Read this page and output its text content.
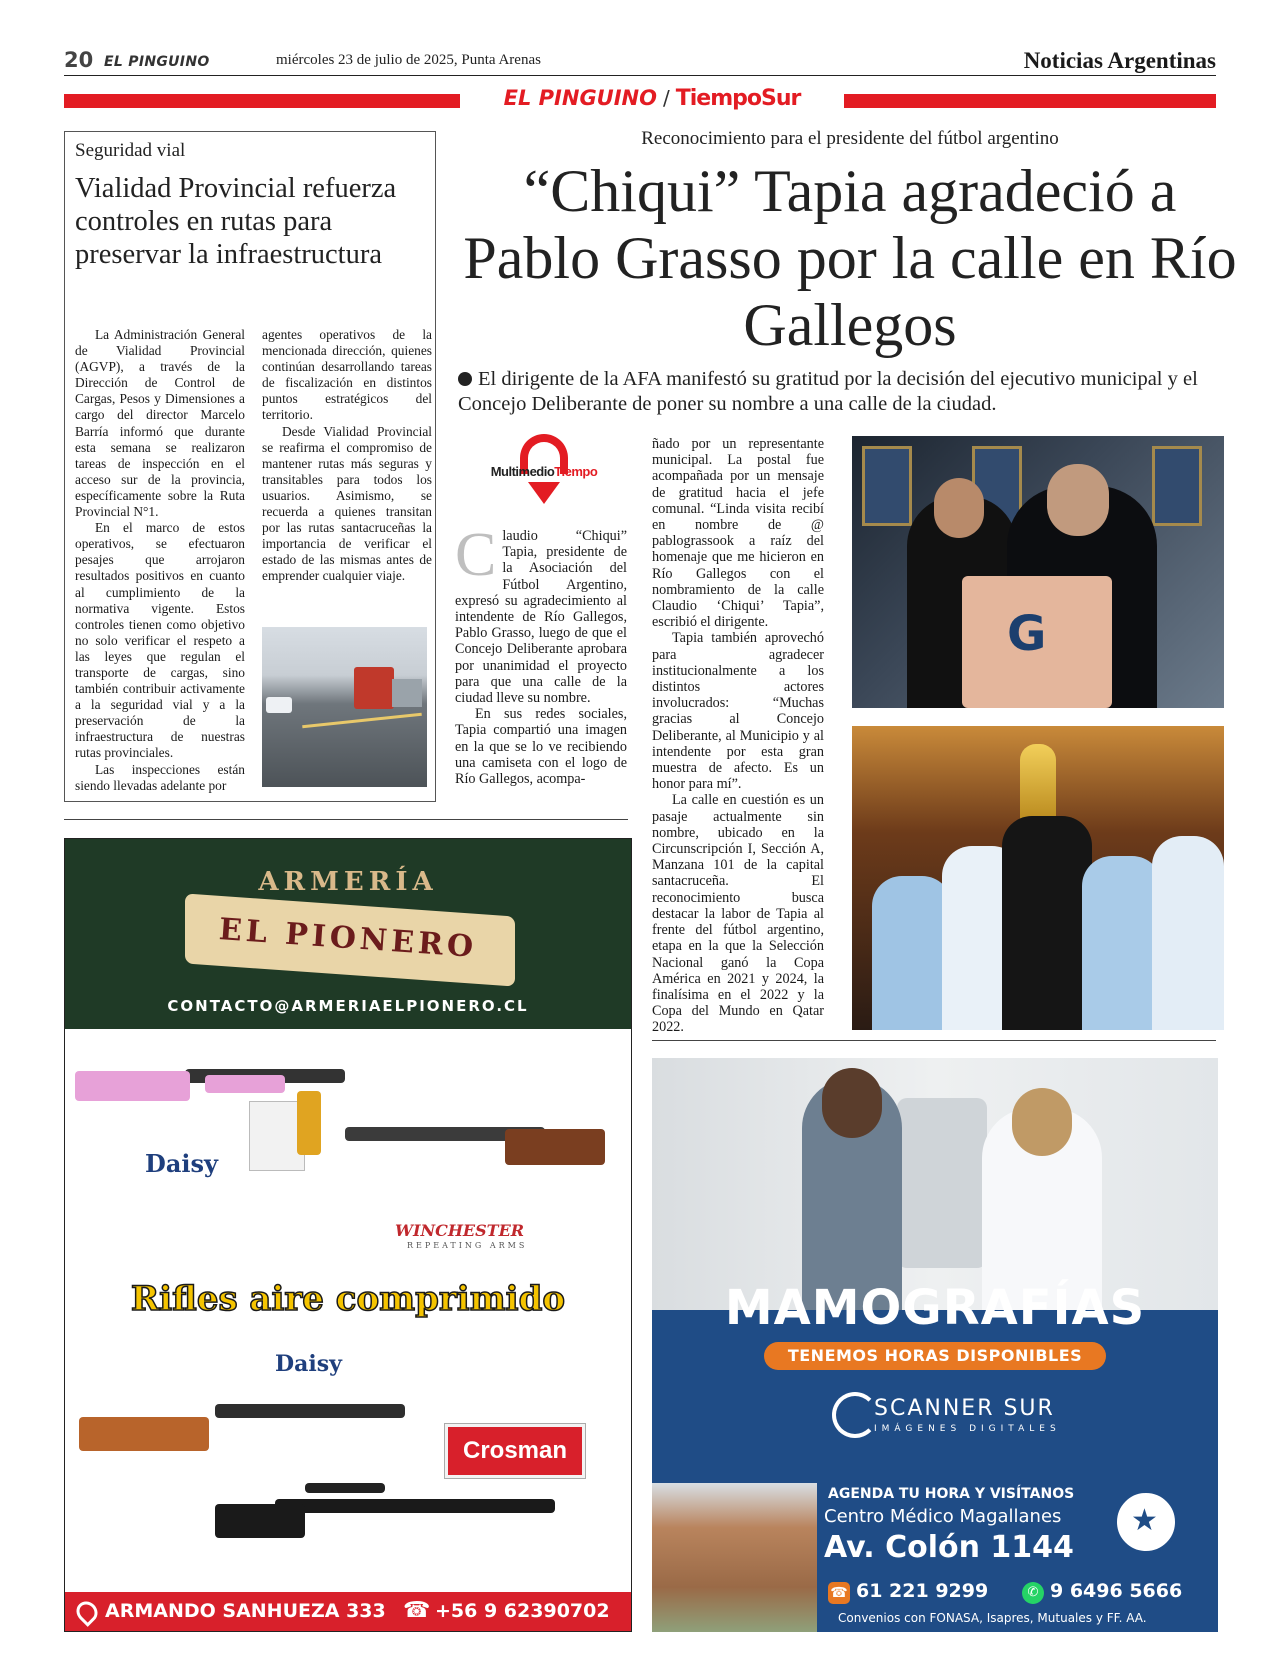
20 EL PINGUINO	miércoles 23 de julio de 2025, Punta Arenas	Noticias Argentinas
EL PINGUINO / TiempoSur
Seguridad vial
Vialidad Provincial refuerza controles en rutas para preservar la infraestructura

La Administración General de Vialidad Provincial (AGVP), a través de la Dirección de Control de Cargas, Pesos y Dimensiones a cargo del director Marcelo Barría informó que durante esta semana se realizaron tareas de inspección en el acceso sur de la provincia, específicamente sobre la Ruta Provincial N°1.

En el marco de estos operativos, se efectuaron pesajes que arrojaron resultados positivos en cuanto al cumplimiento de la normativa vigente. Estos controles tienen como objetivo no solo verificar el respeto a las leyes que regulan el transporte de cargas, sino también contribuir activamente a la seguridad vial y a la preservación de la infraestructura de nuestras rutas provinciales.

Las inspecciones están siendo llevadas adelante por

agentes operativos de la mencionada dirección, quienes continúan desarrollando tareas de fiscalización en distintos puntos estratégicos del territorio.

Desde Vialidad Provincial se reafirma el compromiso de mantener rutas más seguras y transitables para todos los usuarios. Asimismo, se recuerda a quienes transitan por las rutas santacruceñas la importancia de verificar el estado de las mismas antes de emprender cualquier viaje.

Reconocimiento para el presidente del fútbol argentino
“Chiqui” Tapia agradeció a Pablo Grasso por la calle en Río Gallegos
El dirigente de la AFA manifestó su gratitud por la decisión del ejecutivo municipal y el Concejo Deliberante de poner su nombre a una calle de la ciudad.
MultimedioTiempo

Claudio “Chiqui” Tapia, presidente de la Asociación del Fútbol Argentino, expresó su agradecimiento al intendente de Río Gallegos, Pablo Grasso, luego de que el Concejo Deliberante aprobara por unanimidad el proyecto para que una calle de la ciudad lleve su nombre.

En sus redes sociales, Tapia compartió una imagen en la que se lo ve recibiendo una camiseta con el logo de Río Gallegos, acompa-

ñado por un representante municipal. La postal fue acompañada por un mensaje de gratitud hacia el jefe comunal. “Linda visita recibí en nombre de @ pablograssook a raíz del homenaje que me hicieron en Río Gallegos con el nombramiento de la calle Claudio ‘Chiqui’ Tapia”, escribió el dirigente.

Tapia también aprovechó para agradecer institucionalmente a los distintos actores involucrados: “Muchas gracias al Concejo Deliberante, al Municipio y al intendente por esta gran muestra de afecto. Es un honor para mí”.

La calle en cuestión es un pasaje actualmente sin nombre, ubicado en la Circunscripción I, Sección A, Manzana 101 de la capital santacruceña. El reconocimiento busca destacar la labor de Tapia al frente del fútbol argentino, etapa en la que la Selección Nacional ganó la Copa América en 2021 y 2024, la finalísima en el 2022 y la Copa del Mundo en Qatar 2022.

G
ARMERÍA
EL PIONERO
CONTACTO@ARMERIAELPIONERO.CL
Daisy
WINCHESTER
REPEATING ARMS
Rifles aire comprimido
Daisy
Crosman
ARMANDO SANHUEZA 333 ☎ +56 9 62390702
MAMOGRAFÍAS
TENEMOS HORAS DISPONIBLES
SCANNER SUR
IMÁGENES DIGITALES
AGENDA TU HORA Y VISÍTANOS
Centro Médico Magallanes
Av. Colón 1144
★
☎ 61 221 9299	✆ 9 6496 5666
Convenios con FONASA, Isapres, Mutuales y FF. AA.
